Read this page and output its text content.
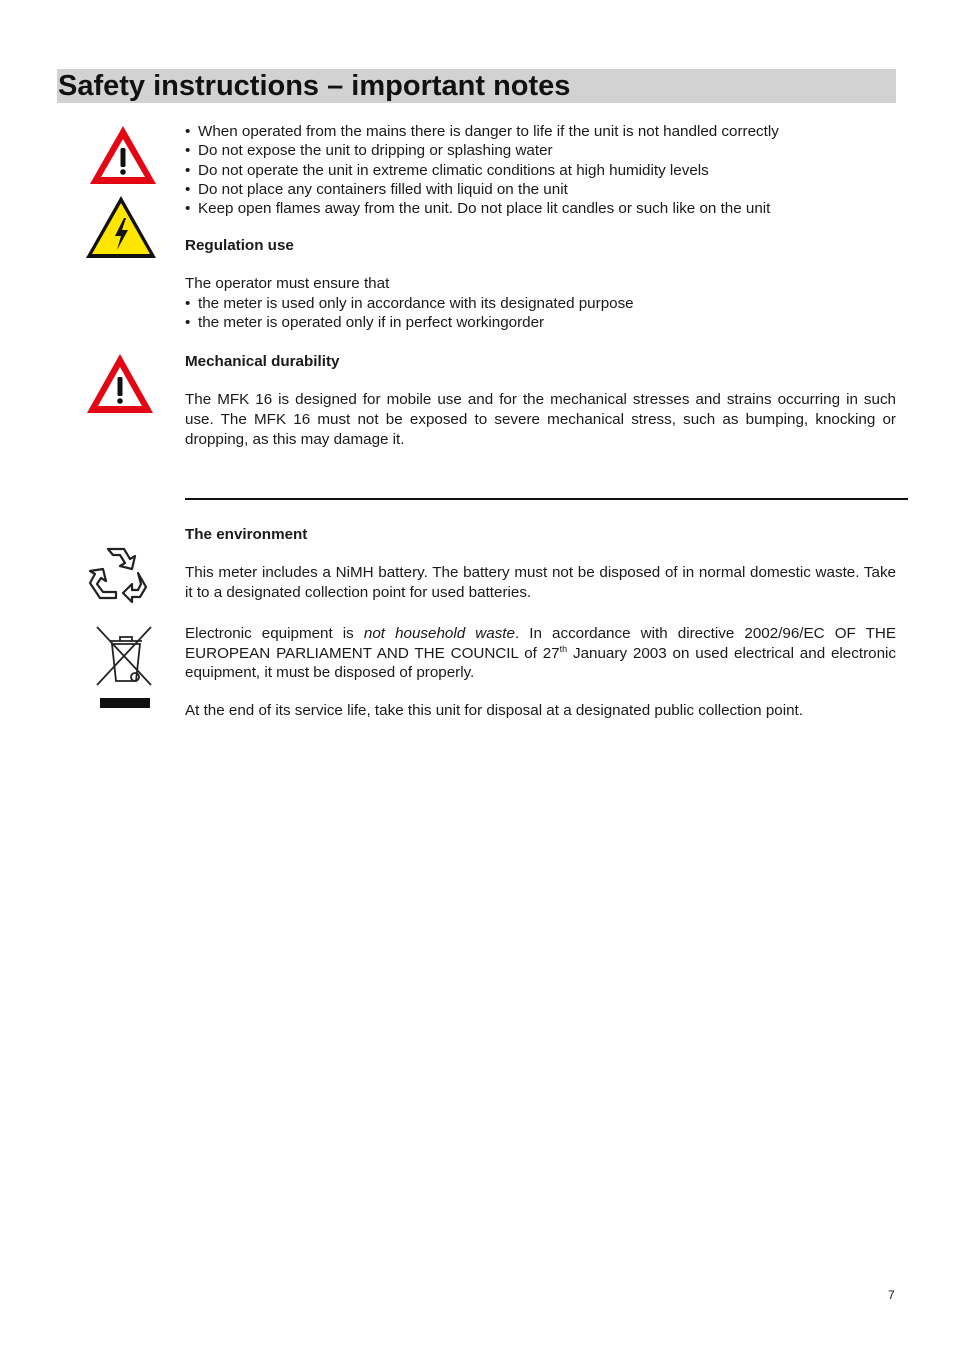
Safety instructions – important notes
• When operated from the mains there is danger to life if the unit is not handled correctly
• Do not expose the unit to dripping or splashing water
• Do not operate the unit in extreme climatic conditions at high humidity levels
• Do not place any containers filled with liquid on the unit
• Keep open flames away from the unit. Do not place lit candles or such like on the unit

Regulation use

The operator must ensure that

• the meter is used only in accordance with its designated purpose
• the meter is operated only if in perfect workingorder

Mechanical durability

The MFK 16 is designed for mobile use and for the mechanical stresses and strains occurring in such use. The MFK 16 must not be exposed to severe mechanical stress, such as bumping, knocking or dropping, as this may damage it.

The environment

This meter includes a NiMH battery. The battery must not be disposed of in normal domestic waste. Take it to a designated collection point for used batteries.

Electronic equipment is not household waste. In accordance with directive 2002/96/EC OF THE EUROPEAN PARLIAMENT AND THE COUNCIL of 27th January 2003 on used electrical and electronic equipment, it must be disposed of properly.

At the end of its service life, take this unit for disposal at a designated public collection point.

7
